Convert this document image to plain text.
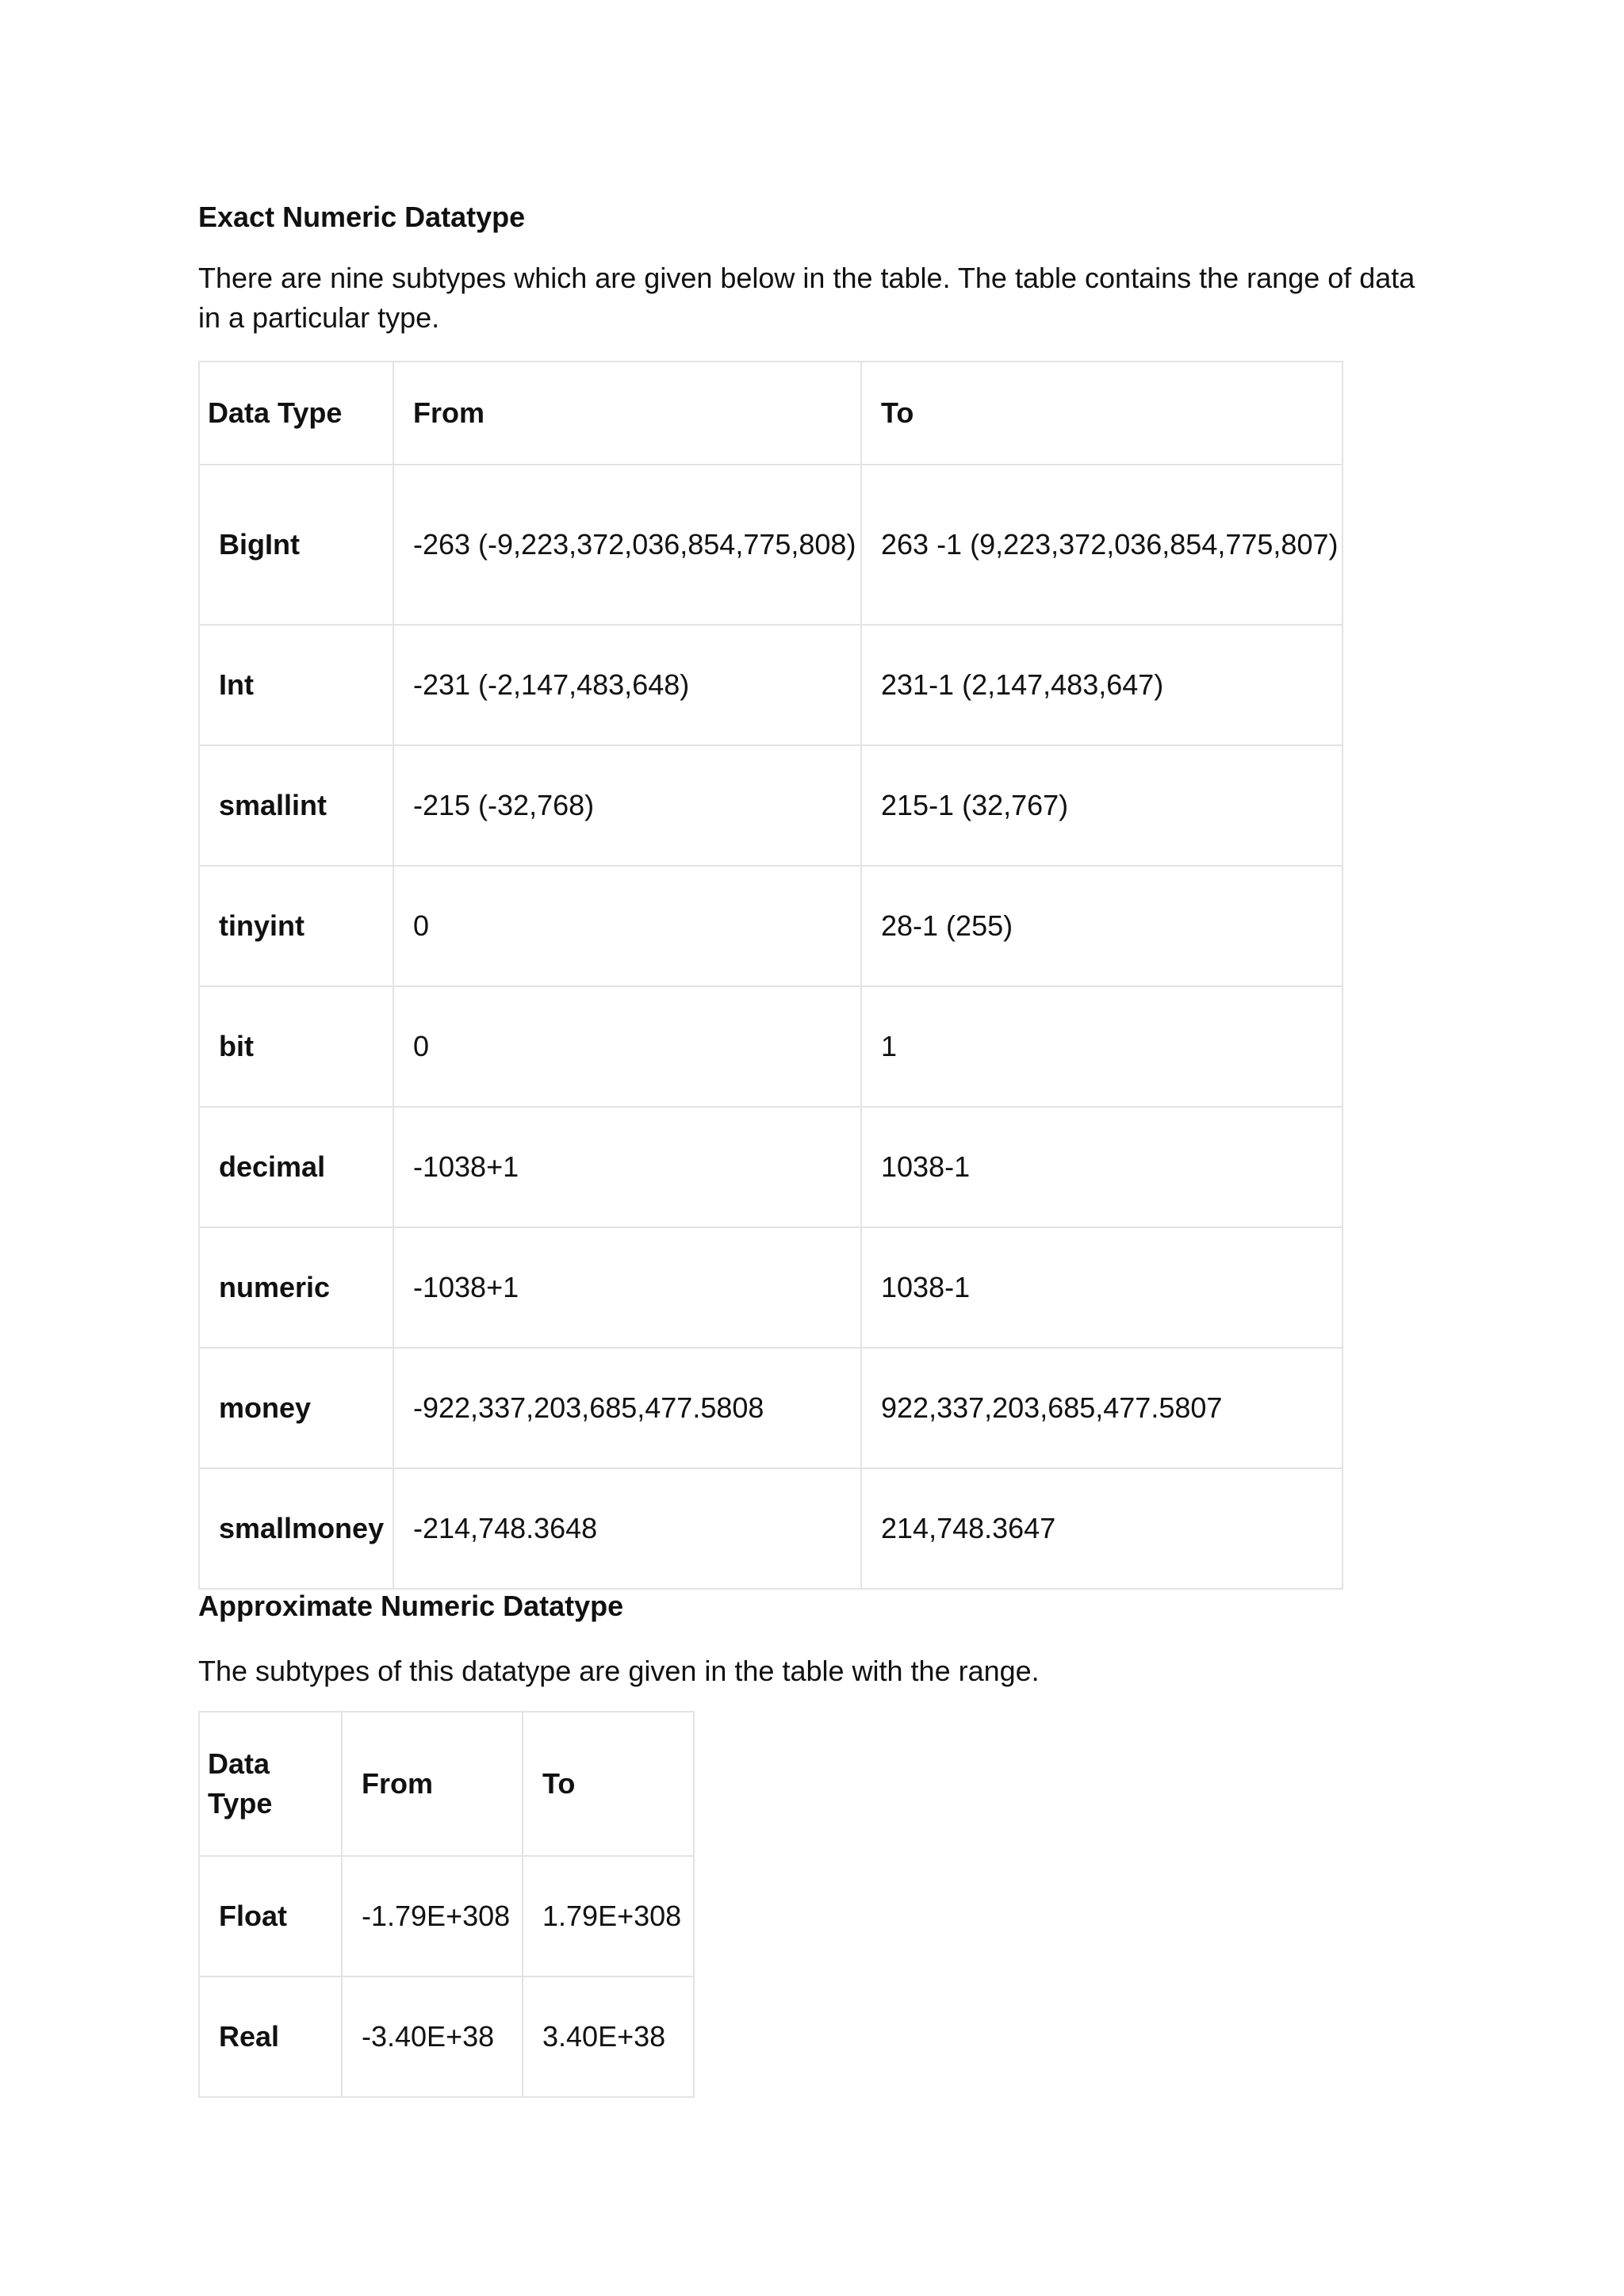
Exact Numeric Datatype

There are nine subtypes which are given below in the table. The table contains the range of data in a particular type.

Data Type	From	To
BigInt	-263 (-9,223,372,036,854,775,808)	263 -1 (9,223,372,036,854,775,807)
Int	-231 (-2,147,483,648)	231-1 (2,147,483,647)
smallint	-215 (-32,768)	215-1 (32,767)
tinyint	0	28-1 (255)
bit	0	1
decimal	-1038+1	1038-1
numeric	-1038+1	1038-1
money	-922,337,203,685,477.5808	922,337,203,685,477.5807
smallmoney	-214,748.3648	214,748.3647

Approximate Numeric Datatype

The subtypes of this datatype are given in the table with the range.

Data
Type	From	To
Float	-1.79E+308	1.79E+308
Real	-3.40E+38	3.40E+38
